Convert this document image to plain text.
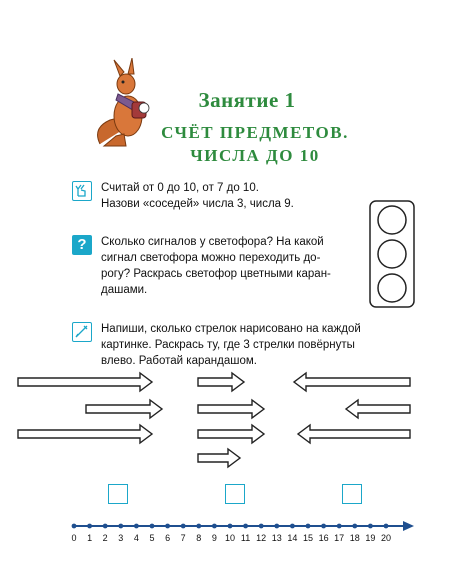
Занятие 1
СЧЁТ ПРЕДМЕТОВ.
ЧИСЛА ДО 10
Считай от 0 до 10, от 7 до 10.
Назови «соседей» числа 3, числа 9.
?	Сколько сигналов у светофора? На какой
сигнал светофора можно переходить до-
рогу? Раскрась светофор цветными каран-
дашами.
Напиши, сколько стрелок нарисовано на каждой
картинке. Раскрась ту, где 3 стрелки повёрнуты
влево. Работай карандашом.
0	1	2	3	4	5	6	7	8	9 10 11 12 13 14 15 16 17 18 19 20
